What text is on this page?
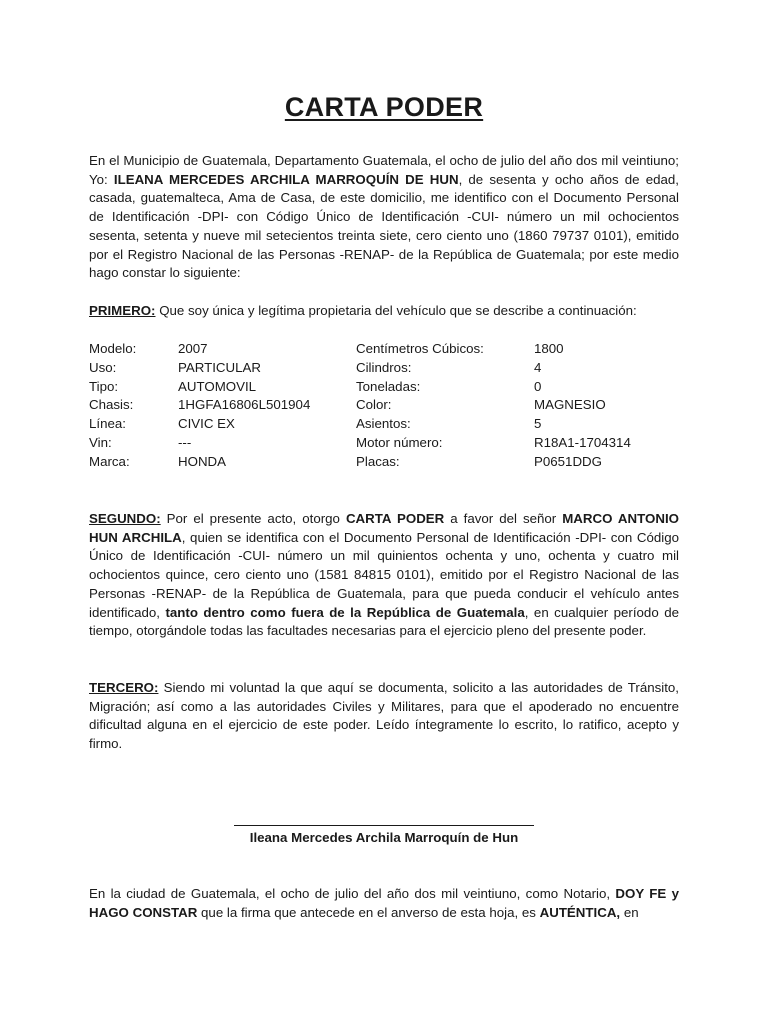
CARTA PODER

En el Municipio de Guatemala, Departamento Guatemala, el ocho de julio del año dos mil veintiuno; Yo: ILEANA MERCEDES ARCHILA MARROQUÍN DE HUN, de sesenta y ocho años de edad, casada, guatemalteca, Ama de Casa, de este domicilio, me identifico con el Documento Personal de Identificación -DPI- con Código Único de Identificación -CUI- número un mil ochocientos sesenta, setenta y nueve mil setecientos treinta siete, cero ciento uno (1860 79737 0101), emitido por el Registro Nacional de las Personas -RENAP- de la República de Guatemala; por este medio hago constar lo siguiente:

PRIMERO: Que soy única y legítima propietaria del vehículo que se describe a continuación:

Modelo:	2007	Centímetros Cúbicos:	1800
Uso:	PARTICULAR	Cilindros:	4
Tipo:	AUTOMOVIL	Toneladas:	0
Chasis:	1HGFA16806L501904	Color:	MAGNESIO
Línea:	CIVIC EX	Asientos:	5
Vin:	---	Motor número:	R18A1-1704314
Marca:	HONDA	Placas:	P0651DDG

SEGUNDO: Por el presente acto, otorgo CARTA PODER a favor del señor MARCO ANTONIO HUN ARCHILA, quien se identifica con el Documento Personal de Identificación -DPI- con Código Único de Identificación -CUI- número un mil quinientos ochenta y uno, ochenta y cuatro mil ochocientos quince, cero ciento uno (1581 84815 0101), emitido por el Registro Nacional de las Personas -RENAP- de la República de Guatemala, para que pueda conducir el vehículo antes identificado, tanto dentro como fuera de la República de Guatemala, en cualquier período de tiempo, otorgándole todas las facultades necesarias para el ejercicio pleno del presente poder.

TERCERO: Siendo mi voluntad la que aquí se documenta, solicito a las autoridades de Tránsito, Migración; así como a las autoridades Civiles y Militares, para que el apoderado no encuentre dificultad alguna en el ejercicio de este poder. Leído íntegramente lo escrito, lo ratifico, acepto y firmo.

Ileana Mercedes Archila Marroquín de Hun

En la ciudad de Guatemala, el ocho de julio del año dos mil veintiuno, como Notario, DOY FE y HAGO CONSTAR que la firma que antecede en el anverso de esta hoja, es AUTÉNTICA, en
